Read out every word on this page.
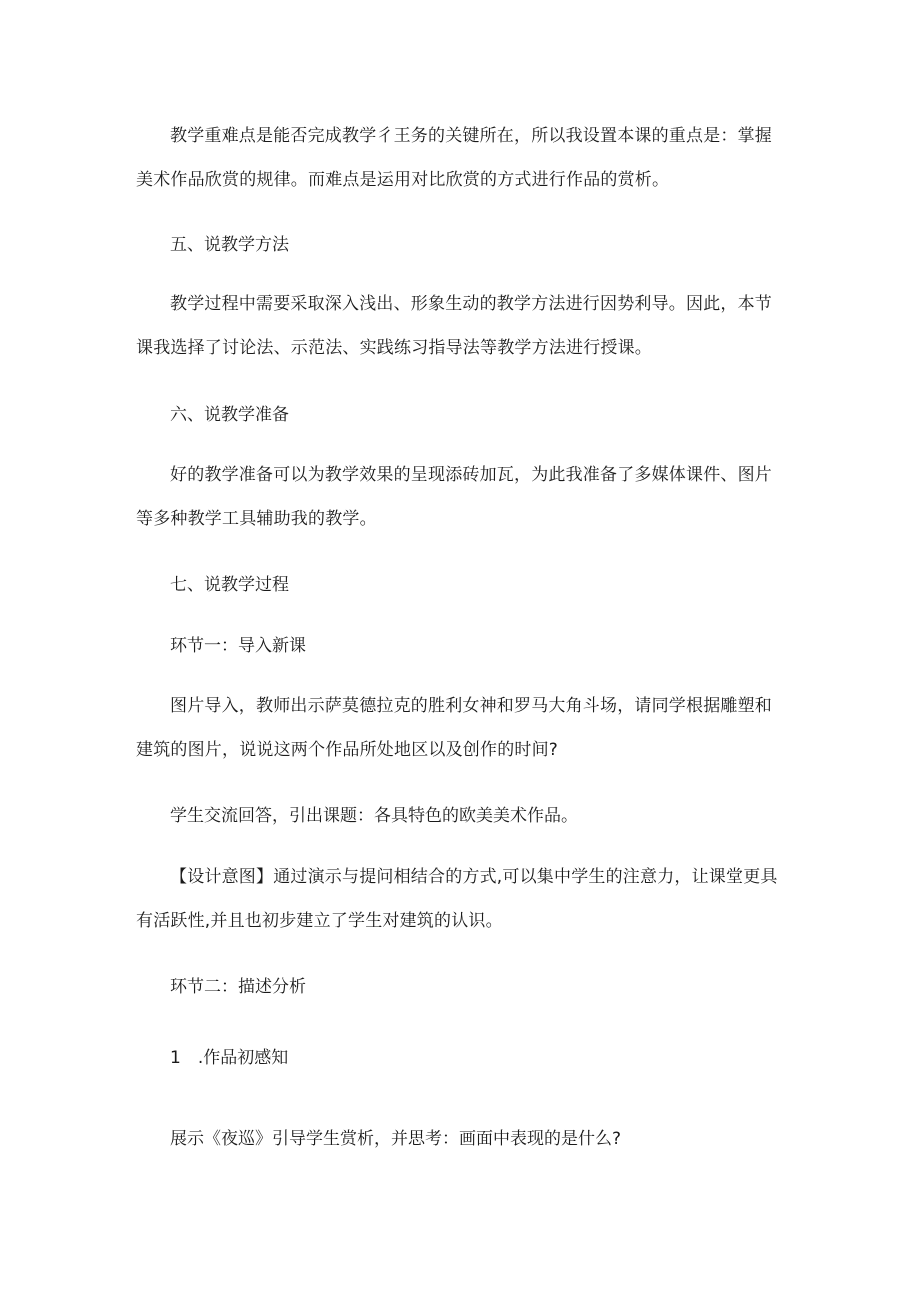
教学重难点是能否完成教学彳王务的关键所在，所以我设置本课的重点是：掌握美术作品欣赏的规律。而难点是运用对比欣赏的方式进行作品的赏析。

五、说教学方法

教学过程中需要采取深入浅出、形象生动的教学方法进行因势利导。因此，本节课我选择了讨论法、示范法、实践练习指导法等教学方法进行授课。

六、说教学准备

好的教学准备可以为教学效果的呈现添砖加瓦，为此我准备了多媒体课件、图片等多种教学工具辅助我的教学。

七、说教学过程

环节一：导入新课

图片导入，教师出示萨莫德拉克的胜利女神和罗马大角斗场，请同学根据雕塑和建筑的图片，说说这两个作品所处地区以及创作的时间?

学生交流回答，引出课题：各具特色的欧美美术作品。

【设计意图】通过演示与提问相结合的方式,可以集中学生的注意力，让课堂更具有活跃性,并且也初步建立了学生对建筑的认识。

环节二：描述分析

1 .作品初感知

展示《夜巡》引导学生赏析，并思考：画面中表现的是什么?
